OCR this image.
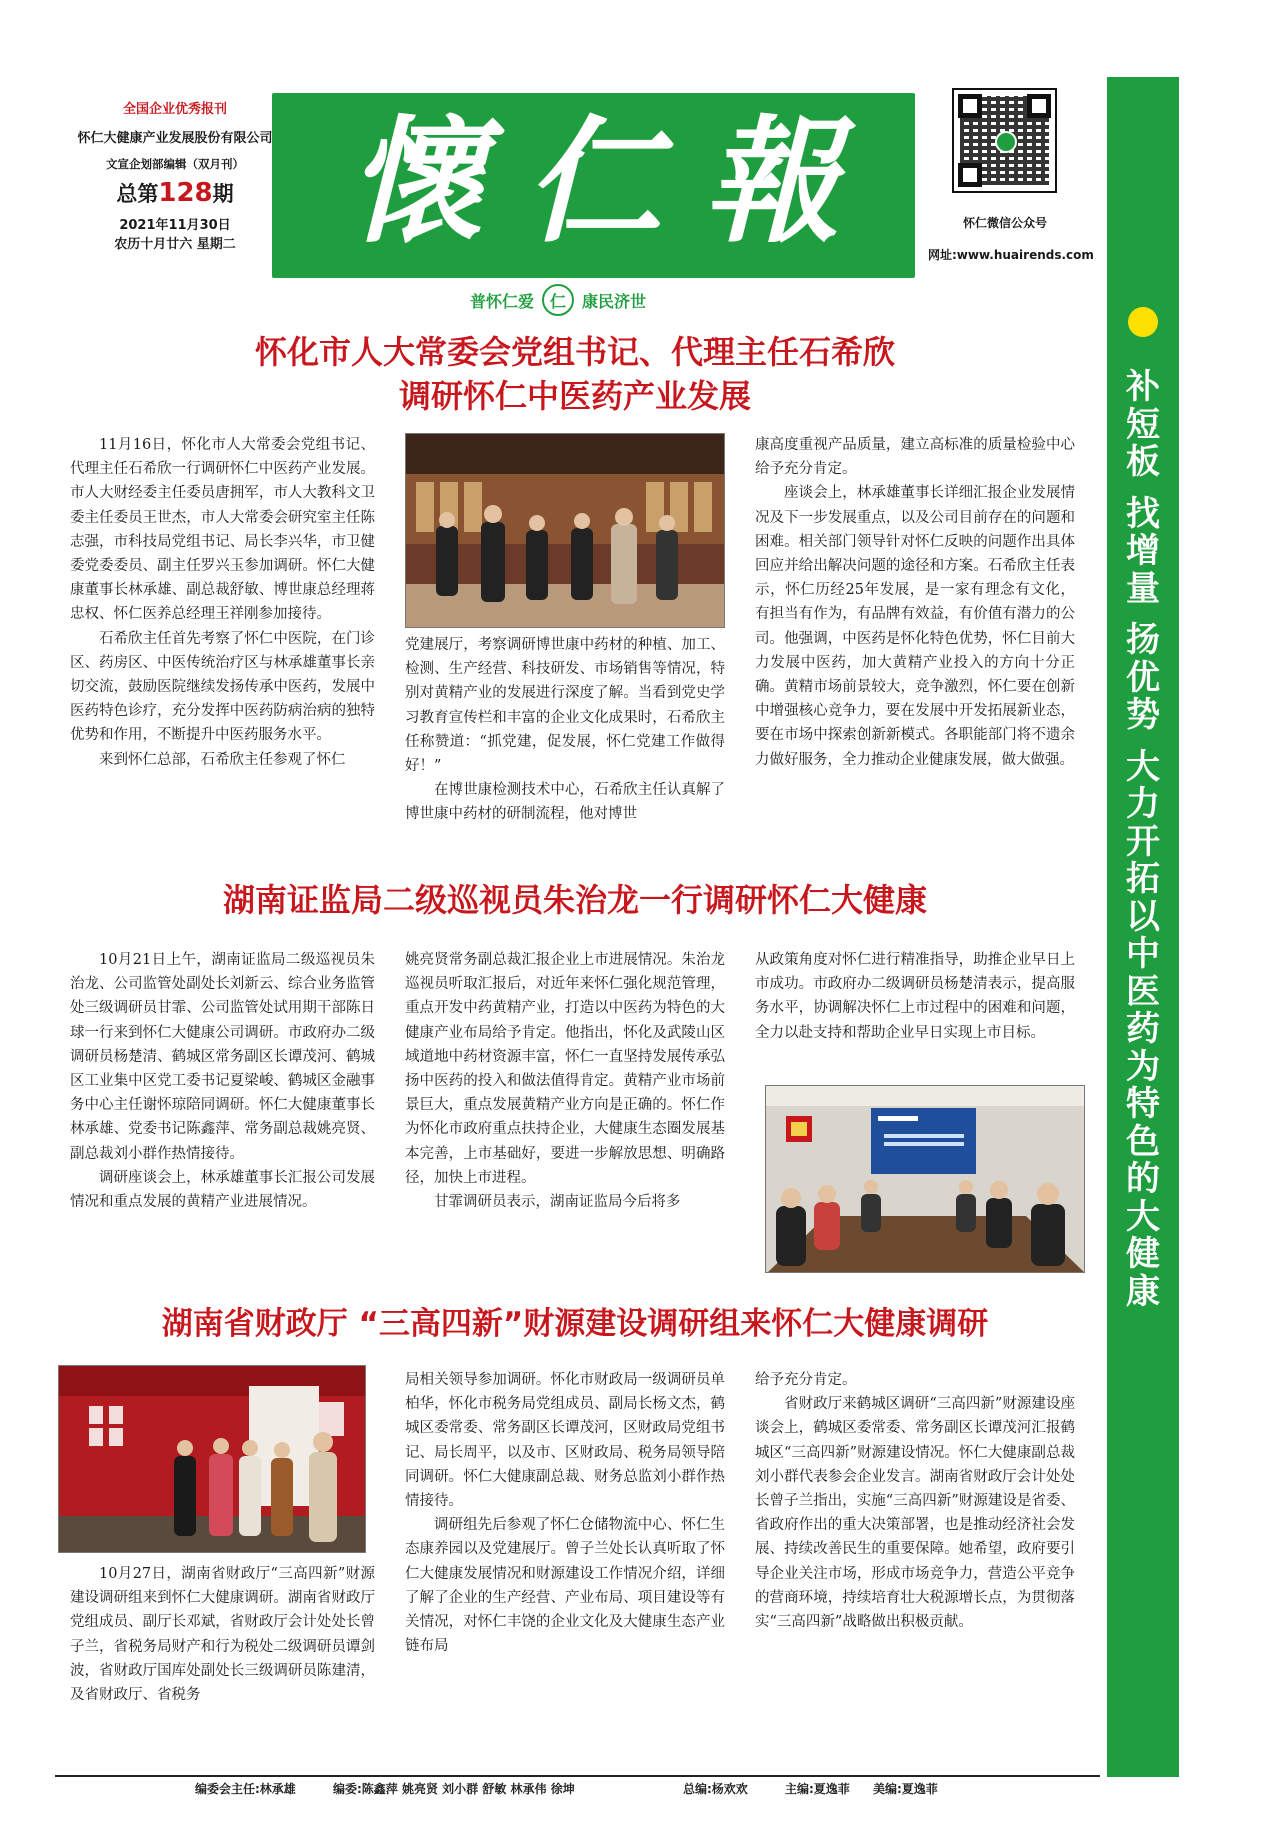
全国企业优秀报刊
怀仁大健康产业发展股份有限公司
文宣企划部编辑（双月刊）
总第128期
2021年11月30日
农历十月廿六 星期二 懷仁報
普怀仁爱 仁	康民济世
怀仁微信公众号
网址:www.huairends.com
补
短
板
找
增
量
扬
优
势
大
力
开
拓
以
中
医
药
为
特
色
的
大
健
康
怀化市人大常委会党组书记、代理主任石希欣
调研怀仁中医药产业发展

11月16日，怀化市人大常委会党组书记、代理主任石希欣一行调研怀仁中医药产业发展。市人大财经委主任委员唐拥军，市人大教科文卫委主任委员王世杰，市人大常委会研究室主任陈志强，市科技局党组书记、局长李兴华，市卫健委党委委员、副主任罗兴玉参加调研。怀仁大健康董事长林承雄、副总裁舒敏、博世康总经理蒋忠权、怀仁医养总经理王祥刚参加接待。

石希欣主任首先考察了怀仁中医院，在门诊区、药房区、中医传统治疗区与林承雄董事长亲切交流，鼓励医院继续发扬传承中医药，发展中医药特色诊疗，充分发挥中医药防病治病的独特优势和作用，不断提升中医药服务水平。

来到怀仁总部，石希欣主任参观了怀仁

党建展厅，考察调研博世康中药材的种植、加工、检测、生产经营、科技研发、市场销售等情况，特别对黄精产业的发展进行深度了解。当看到党史学习教育宣传栏和丰富的企业文化成果时，石希欣主任称赞道：“抓党建，促发展，怀仁党建工作做得好！”

在博世康检测技术中心，石希欣主任认真解了博世康中药材的研制流程，他对博世

康高度重视产品质量，建立高标准的质量检验中心给予充分肯定。

座谈会上，林承雄董事长详细汇报企业发展情况及下一步发展重点，以及公司目前存在的问题和困难。相关部门领导针对怀仁反映的问题作出具体回应并给出解决问题的途径和方案。石希欣主任表示，怀仁历经25年发展，是一家有理念有文化，有担当有作为，有品牌有效益，有价值有潜力的公司。他强调，中医药是怀化特色优势，怀仁目前大力发展中医药，加大黄精产业投入的方向十分正确。黄精市场前景较大，竞争激烈，怀仁要在创新中增强核心竞争力，要在发展中开发拓展新业态，要在市场中探索创新新模式。各职能部门将不遗余力做好服务，全力推动企业健康发展，做大做强。

湖南证监局二级巡视员朱治龙一行调研怀仁大健康

10月21日上午，湖南证监局二级巡视员朱治龙、公司监管处副处长刘新云、综合业务监管处三级调研员甘霏、公司监管处试用期干部陈日球一行来到怀仁大健康公司调研。市政府办二级调研员杨楚清、鹤城区常务副区长谭茂河、鹤城区工业集中区党工委书记夏梁峻、鹤城区金融事务中心主任谢怀琼陪同调研。怀仁大健康董事长林承雄、党委书记陈鑫萍、常务副总裁姚亮贤、副总裁刘小群作热情接待。

调研座谈会上，林承雄董事长汇报公司发展情况和重点发展的黄精产业进展情况。

姚亮贤常务副总裁汇报企业上市进展情况。朱治龙巡视员听取汇报后，对近年来怀仁强化规范管理，重点开发中药黄精产业，打造以中医药为特色的大健康产业布局给予肯定。他指出，怀化及武陵山区域道地中药材资源丰富，怀仁一直坚持发展传承弘扬中医药的投入和做法值得肯定。黄精产业市场前景巨大，重点发展黄精产业方向是正确的。怀仁作为怀化市政府重点扶持企业，大健康生态圈发展基本完善，上市基础好，要进一步解放思想、明确路径，加快上市进程。

甘霏调研员表示，湖南证监局今后将多

从政策角度对怀仁进行精准指导，助推企业早日上市成功。市政府办二级调研员杨楚清表示，提高服务水平，协调解决怀仁上市过程中的困难和问题，全力以赴支持和帮助企业早日实现上市目标。

湖南省财政厅 “三高四新”财源建设调研组来怀仁大健康调研

10月27日，湖南省财政厅“三高四新”财源建设调研组来到怀仁大健康调研。湖南省财政厅党组成员、副厅长邓斌，省财政厅会计处处长曾子兰，省税务局财产和行为税处二级调研员谭剑波，省财政厅国库处副处长三级调研员陈建清，及省财政厅、省税务

局相关领导参加调研。怀化市财政局一级调研员单柏华，怀化市税务局党组成员、副局长杨文杰，鹤城区委常委、常务副区长谭茂河，区财政局党组书记、局长周平，以及市、区财政局、税务局领导陪同调研。怀仁大健康副总裁、财务总监刘小群作热情接待。

调研组先后参观了怀仁仓储物流中心、怀仁生态康养园以及党建展厅。曾子兰处长认真听取了怀仁大健康发展情况和财源建设工作情况介绍，详细了解了企业的生产经营、产业布局、项目建设等有关情况，对怀仁丰饶的企业文化及大健康生态产业链布局

给予充分肯定。

省财政厅来鹤城区调研“三高四新”财源建设座谈会上，鹤城区委常委、常务副区长谭茂河汇报鹤城区“三高四新”财源建设情况。怀仁大健康副总裁刘小群代表参会企业发言。湖南省财政厅会计处处长曾子兰指出，实施“三高四新”财源建设是省委、省政府作出的重大决策部署，也是推动经济社会发展、持续改善民生的重要保障。她希望，政府要引导企业关注市场，形成市场竞争力，营造公平竞争的营商环境，持续培育壮大税源增长点，为贯彻落实“三高四新”战略做出积极贡献。

编委会主任:林承雄	编委:陈鑫萍 姚亮贤 刘小群 舒敏 林承伟 徐坤	总编:杨欢欢	主编:夏逸菲 美编:夏逸菲
